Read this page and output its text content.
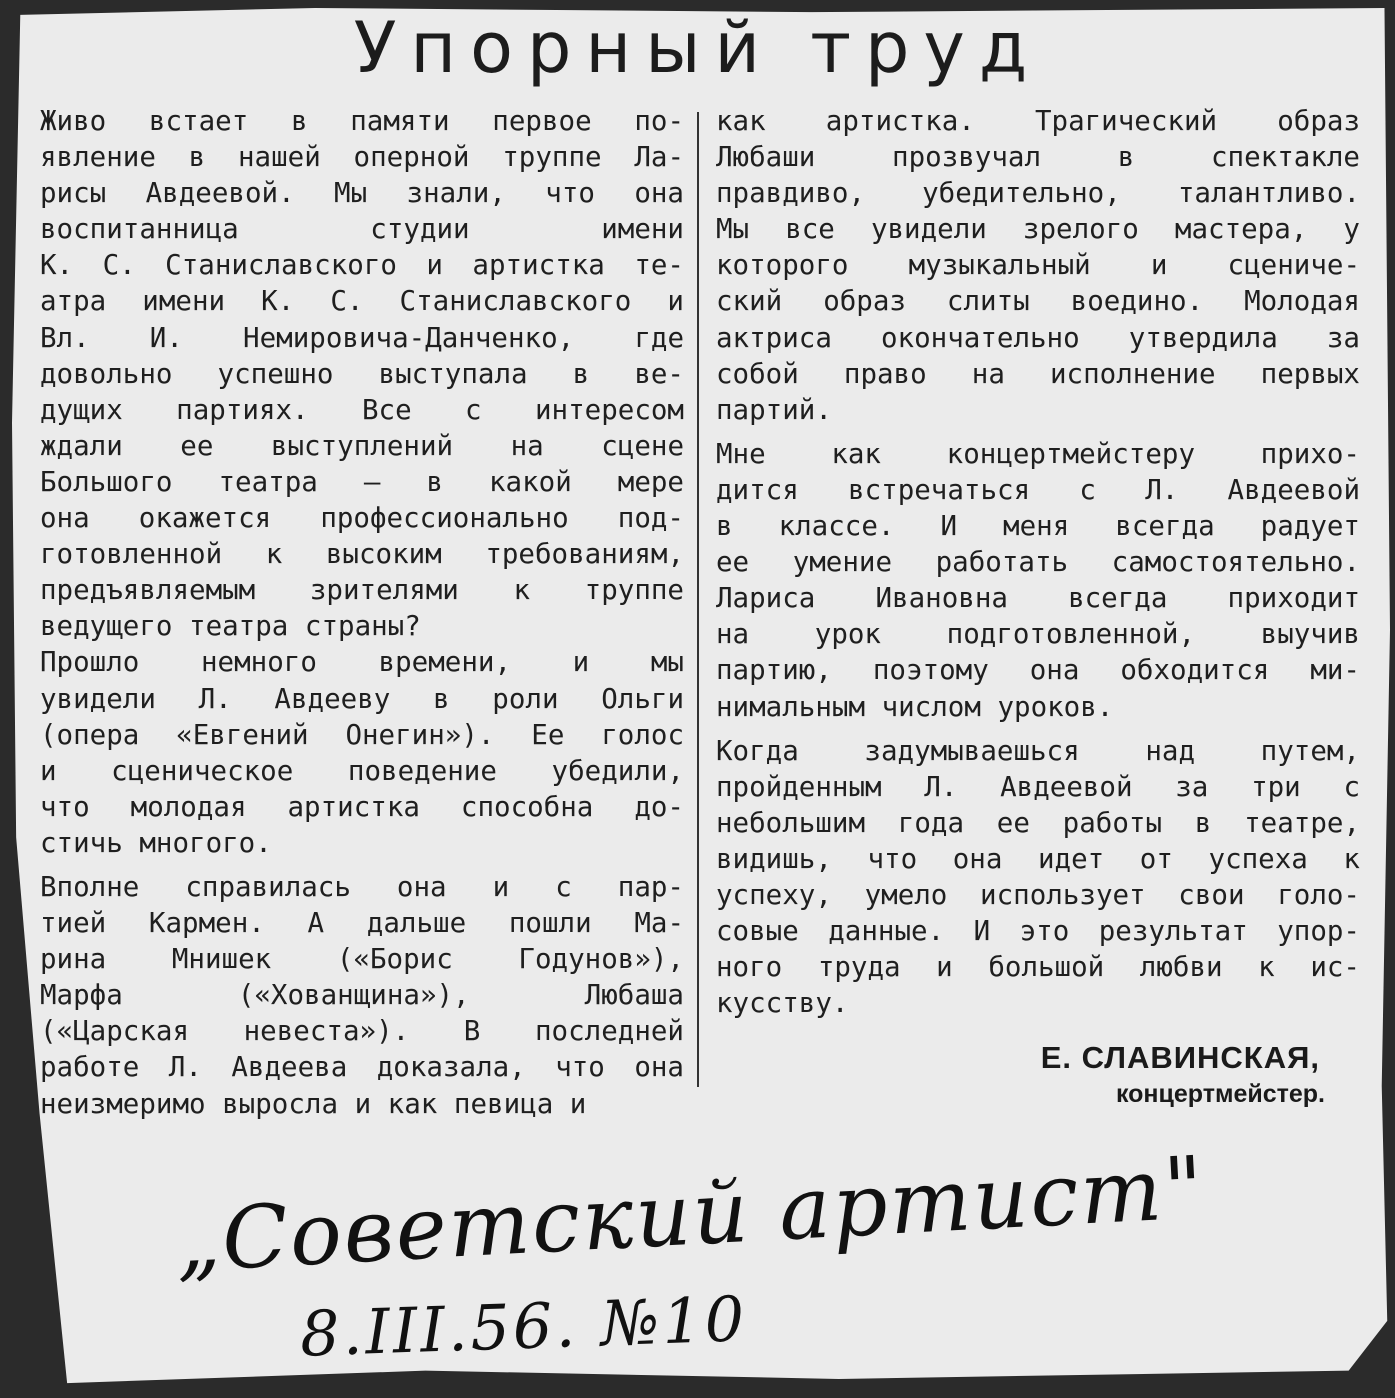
Упорный труд

Живо встает в памяти первое по-

явление в нашей оперной труппе Ла-

рисы Авдеевой. Мы знали, что она

воспитанница студии имени

К. С. Станиславского и артистка те-

атра имени К. С. Станиславского и

Вл. И. Немировича-Данченко, где

довольно успешно выступала в ве-

дущих партиях. Все с интересом

ждали ее выступлений на сцене

Большого театра — в какой мере

она окажется профессионально под-

готовленной к высоким требованиям,

предъявляемым зрителями к труппе

ведущего театра страны?

Прошло немного времени, и мы

увидели Л. Авдееву в роли Ольги

(опера «Евгений Онегин»). Ее голос

и сценическое поведение убедили,

что молодая артистка способна до-

стичь многого.

Вполне справилась она и с пар-

тией Кармен. А дальше пошли Ма-

рина Мнишек («Борис Годунов»),

Марфа («Хованщина»), Любаша

(«Царская невеста»). В последней

работе Л. Авдеева доказала, что она

неизмеримо выросла и как певица и

как артистка. Трагический образ

Любаши прозвучал в спектакле

правдиво, убедительно, талантливо.

Мы все увидели зрелого мастера, у

которого музыкальный и сцениче-

ский образ слиты воедино. Молодая

актриса окончательно утвердила за

собой право на исполнение первых

партий.

Мне как концертмейстеру прихо-

дится встречаться с Л. Авдеевой

в классе. И меня всегда радует

ее умение работать самостоятельно.

Лариса Ивановна всегда приходит

на урок подготовленной, выучив

партию, поэтому она обходится ми-

нимальным числом уроков.

Когда задумываешься над путем,

пройденным Л. Авдеевой за три с

небольшим года ее работы в театре,

видишь, что она идет от успеха к

успеху, умело использует свои голо-

совые данные. И это результат упор-

ного труда и большой любви к ис-

кусству.

Е. СЛАВИНСКАЯ,
концертмейстер.
„Советский артист"
8.III.56. №10
